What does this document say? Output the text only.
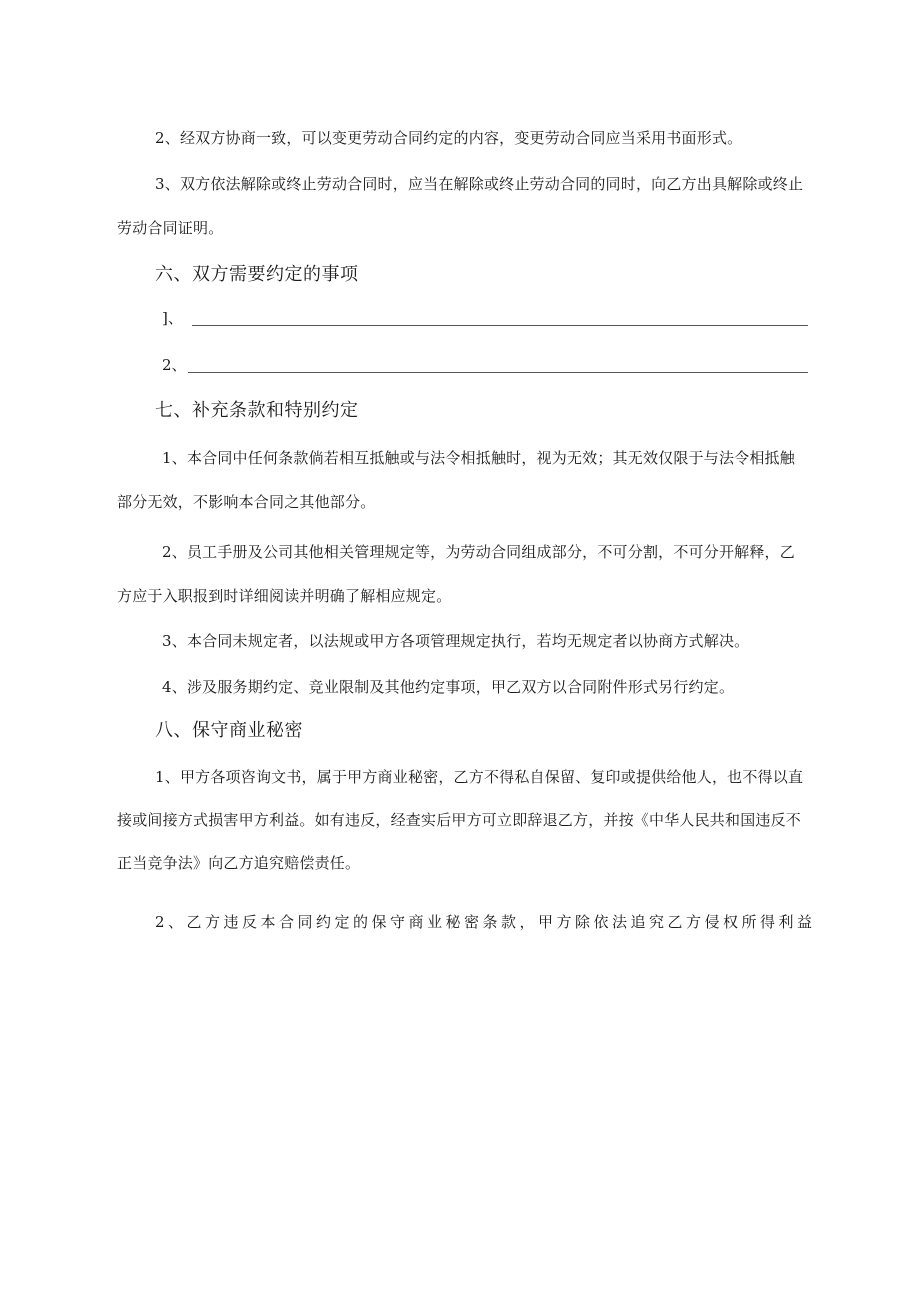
2、经双方协商一致，可以变更劳动合同约定的内容，变更劳动合同应当采用书面形式。
3、双方依法解除或终止劳动合同时，应当在解除或终止劳动合同的同时，向乙方出具解除或终止
劳动合同证明。
六、双方需要约定的事项
]、
2、
七、补充条款和特别约定
1、本合同中任何条款倘若相互抵触或与法令相抵触时，视为无效；其无效仅限于与法令相抵触
部分无效，不影响本合同之其他部分。
2、员工手册及公司其他相关管理规定等，为劳动合同组成部分，不可分割，不可分开解释，乙
方应于入职报到时详细阅读并明确了解相应规定。
3、本合同未规定者，以法规或甲方各项管理规定执行，若均无规定者以协商方式解决。
4、涉及服务期约定、竞业限制及其他约定事项，甲乙双方以合同附件形式另行约定。
八、保守商业秘密
1、甲方各项咨询文书，属于甲方商业秘密，乙方不得私自保留、复印或提供给他人，也不得以直
接或间接方式损害甲方利益。如有违反，经查实后甲方可立即辞退乙方，并按《中华人民共和国违反不
正当竞争法》向乙方追究赔偿责任。
2、乙方违反本合同约定的保守商业秘密条款，甲方除依法追究乙方侵权所得利益
